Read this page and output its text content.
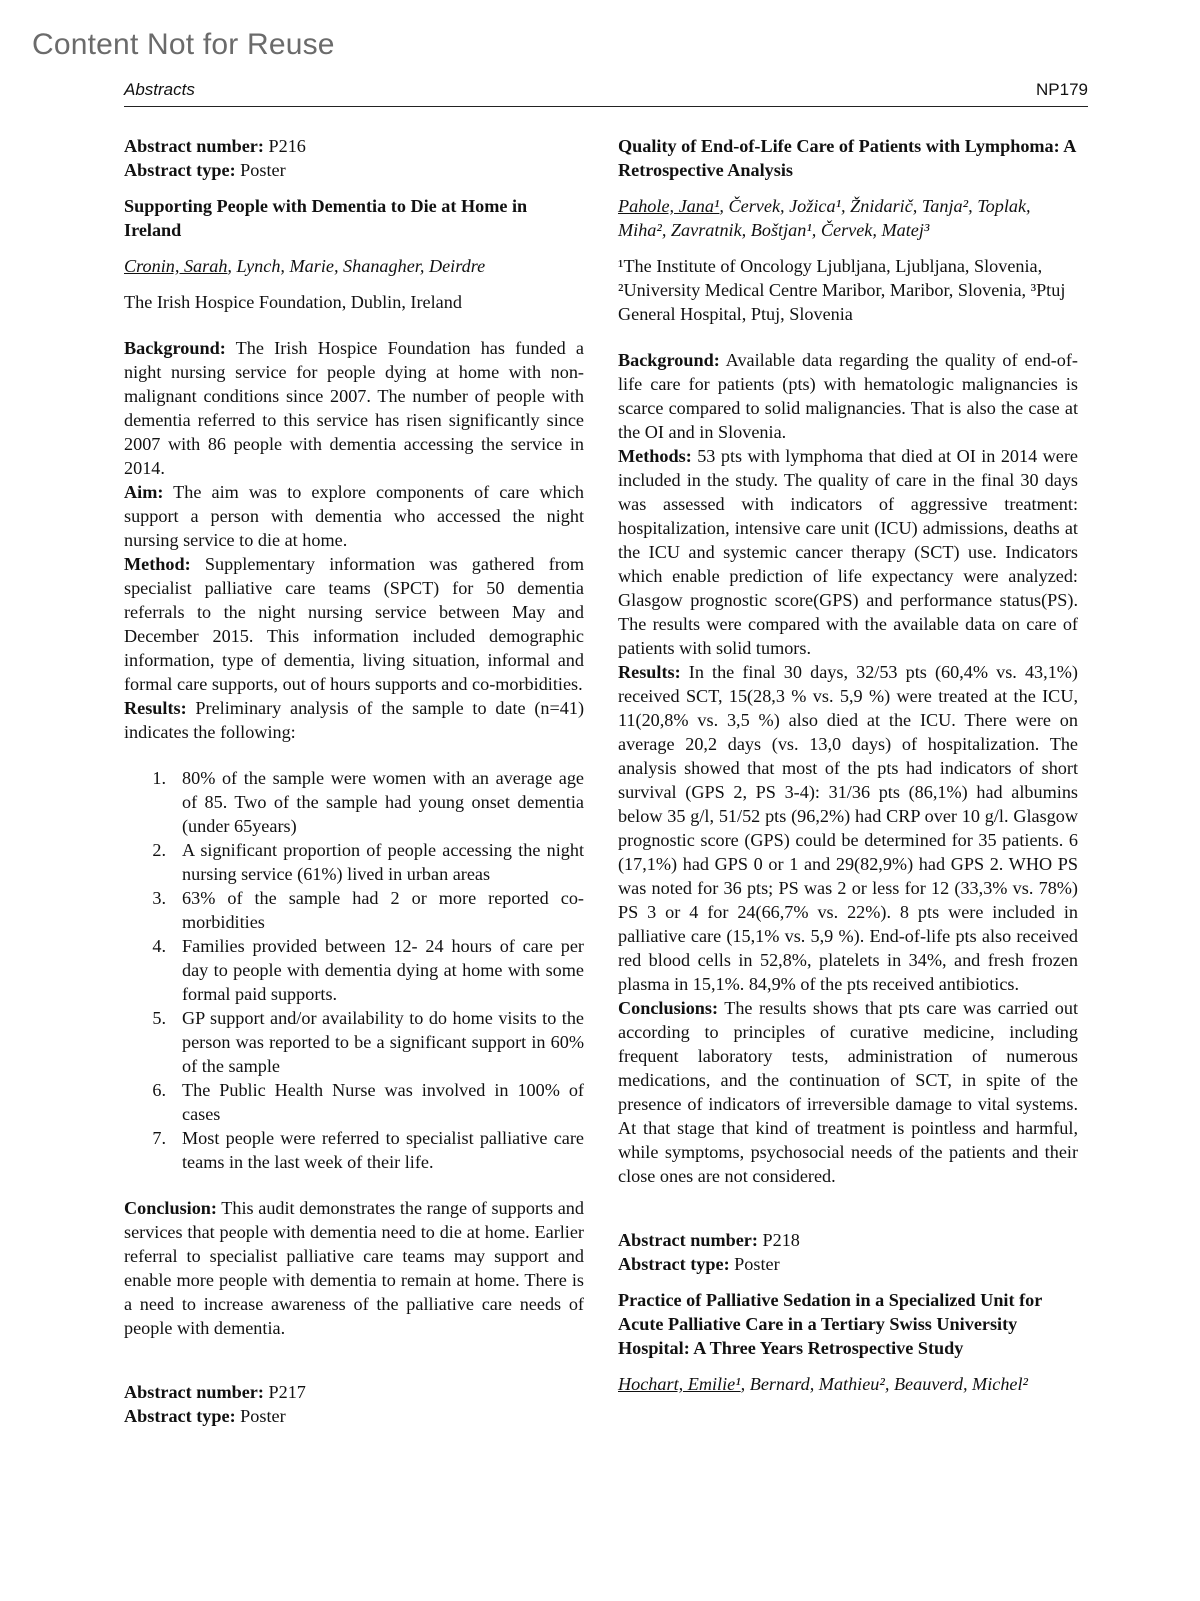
Content Not for Reuse
Abstracts	NP179

Abstract number: P216

Abstract type: Poster

Supporting People with Dementia to Die at Home in Ireland

Cronin, Sarah, Lynch, Marie, Shanagher, Deirdre

The Irish Hospice Foundation, Dublin, Ireland

Background: The Irish Hospice Foundation has funded a night nursing service for people dying at home with non-malignant conditions since 2007. The number of people with dementia referred to this service has risen significantly since 2007 with 86 people with dementia accessing the service in 2014.

Aim: The aim was to explore components of care which support a person with dementia who accessed the night nursing service to die at home.

Method: Supplementary information was gathered from specialist palliative care teams (SPCT) for 50 dementia referrals to the night nursing service between May and December 2015. This information included demographic information, type of dementia, living situation, informal and formal care supports, out of hours supports and co-morbidities.

Results: Preliminary analysis of the sample to date (n=41) indicates the following:

1. 80% of the sample were women with an average age of 85. Two of the sample had young onset dementia (under 65years)
2. A significant proportion of people accessing the night nursing service (61%) lived in urban areas
3. 63% of the sample had 2 or more reported co-morbidities
4. Families provided between 12- 24 hours of care per day to people with dementia dying at home with some formal paid supports.
5. GP support and/or availability to do home visits to the person was reported to be a significant support in 60% of the sample
6. The Public Health Nurse was involved in 100% of cases
7. Most people were referred to specialist palliative care teams in the last week of their life.

Conclusion: This audit demonstrates the range of supports and services that people with dementia need to die at home. Earlier referral to specialist palliative care teams may support and enable more people with dementia to remain at home. There is a need to increase awareness of the palliative care needs of people with dementia.

Abstract number: P217

Abstract type: Poster

Quality of End-of-Life Care of Patients with Lymphoma: A Retrospective Analysis

Pahole, Jana¹, Červek, Jožica¹, Žnidarič, Tanja², Toplak, Miha², Zavratnik, Boštjan¹, Červek, Matej³

¹The Institute of Oncology Ljubljana, Ljubljana, Slovenia, ²University Medical Centre Maribor, Maribor, Slovenia, ³Ptuj General Hospital, Ptuj, Slovenia

Background: Available data regarding the quality of end-of-life care for patients (pts) with hematologic malignancies is scarce compared to solid malignancies. That is also the case at the OI and in Slovenia.

Methods: 53 pts with lymphoma that died at OI in 2014 were included in the study. The quality of care in the final 30 days was assessed with indicators of aggressive treatment: hospitalization, intensive care unit (ICU) admissions, deaths at the ICU and systemic cancer therapy (SCT) use. Indicators which enable prediction of life expectancy were analyzed: Glasgow prognostic score(GPS) and performance status(PS). The results were compared with the available data on care of patients with solid tumors.

Results: In the final 30 days, 32/53 pts (60,4% vs. 43,1%) received SCT, 15(28,3 % vs. 5,9 %) were treated at the ICU, 11(20,8% vs. 3,5 %) also died at the ICU. There were on average 20,2 days (vs. 13,0 days) of hospitalization. The analysis showed that most of the pts had indicators of short survival (GPS 2, PS 3-4): 31/36 pts (86,1%) had albumins below 35 g/l, 51/52 pts (96,2%) had CRP over 10 g/l. Glasgow prognostic score (GPS) could be determined for 35 patients. 6 (17,1%) had GPS 0 or 1 and 29(82,9%) had GPS 2. WHO PS was noted for 36 pts; PS was 2 or less for 12 (33,3% vs. 78%) PS 3 or 4 for 24(66,7% vs. 22%). 8 pts were included in palliative care (15,1% vs. 5,9 %). End-of-life pts also received red blood cells in 52,8%, platelets in 34%, and fresh frozen plasma in 15,1%. 84,9% of the pts received antibiotics.

Conclusions: The results shows that pts care was carried out according to principles of curative medicine, including frequent laboratory tests, administration of numerous medications, and the continuation of SCT, in spite of the presence of indicators of irreversible damage to vital systems. At that stage that kind of treatment is pointless and harmful, while symptoms, psychosocial needs of the patients and their close ones are not considered.

Abstract number: P218

Abstract type: Poster

Practice of Palliative Sedation in a Specialized Unit for Acute Palliative Care in a Tertiary Swiss University Hospital: A Three Years Retrospective Study

Hochart, Emilie¹, Bernard, Mathieu², Beauverd, Michel²
